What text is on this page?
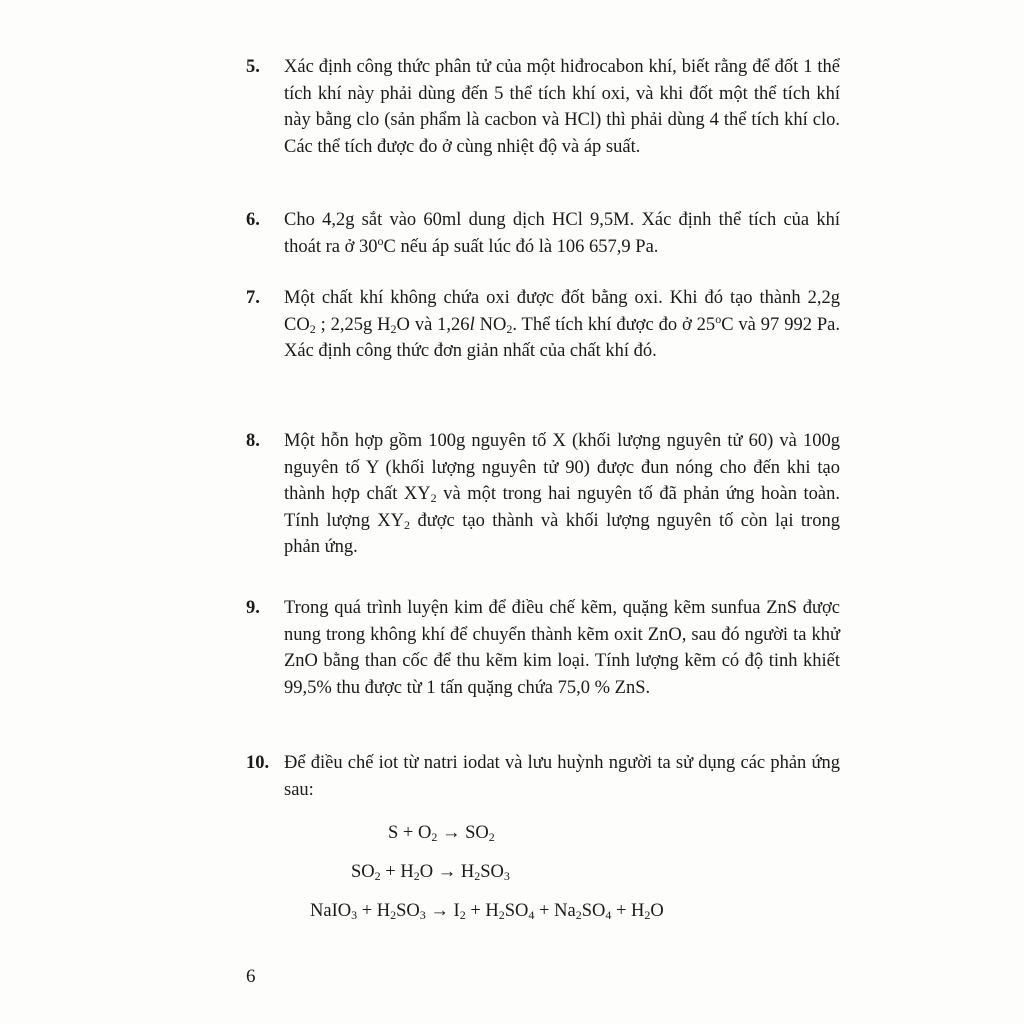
5. Xác định công thức phân tử của một hiđrocabon khí, biết rằng để đốt 1 thể tích khí này phải dùng đến 5 thể tích khí oxi, và khi đốt một thể tích khí này bằng clo (sản phẩm là cacbon và HCl) thì phải dùng 4 thể tích khí clo. Các thể tích được đo ở cùng nhiệt độ và áp suất.
6. Cho 4,2g sắt vào 60ml dung dịch HCl 9,5M. Xác định thể tích của khí thoát ra ở 30$^o$C nếu áp suất lúc đó là 106 657,9 Pa.
7. Một chất khí không chứa oxi được đốt bằng oxi. Khi đó tạo thành 2,2g $CO_2$ ; 2,25g $H_2O$ và 1,26l $NO_2$. Thể tích khí được đo ở 25$^o$C và 97 992 Pa. Xác định công thức đơn giản nhất của chất khí đó.
8. Một hỗn hợp gồm 100g nguyên tố X (khối lượng nguyên tử 60) và 100g nguyên tố Y (khối lượng nguyên tử 90) được đun nóng cho đến khi tạo thành hợp chất $XY_2$ và một trong hai nguyên tố đã phản ứng hoàn toàn. Tính lượng $XY_2$ được tạo thành và khối lượng nguyên tố còn lại trong phản ứng.
9. Trong quá trình luyện kim để điều chế kẽm, quặng kẽm sunfua ZnS được nung trong không khí để chuyển thành kẽm oxit ZnO, sau đó người ta khử ZnO bằng than cốc để thu kẽm kim loại. Tính lượng kẽm có độ tinh khiết 99,5% thu được từ 1 tấn quặng chứa 75,0 % ZnS.
10. Để điều chế iot từ natri iodat và lưu huỳnh người ta sử dụng các phản ứng sau:
$S + O_2 \to SO_2$
$SO_2 + H_2O \to H_2SO_3$
NaIO$_3$ + $H_2SO_3 \to I_2 + H_2SO_4 + Na_2SO_4 + H_2O$
6
